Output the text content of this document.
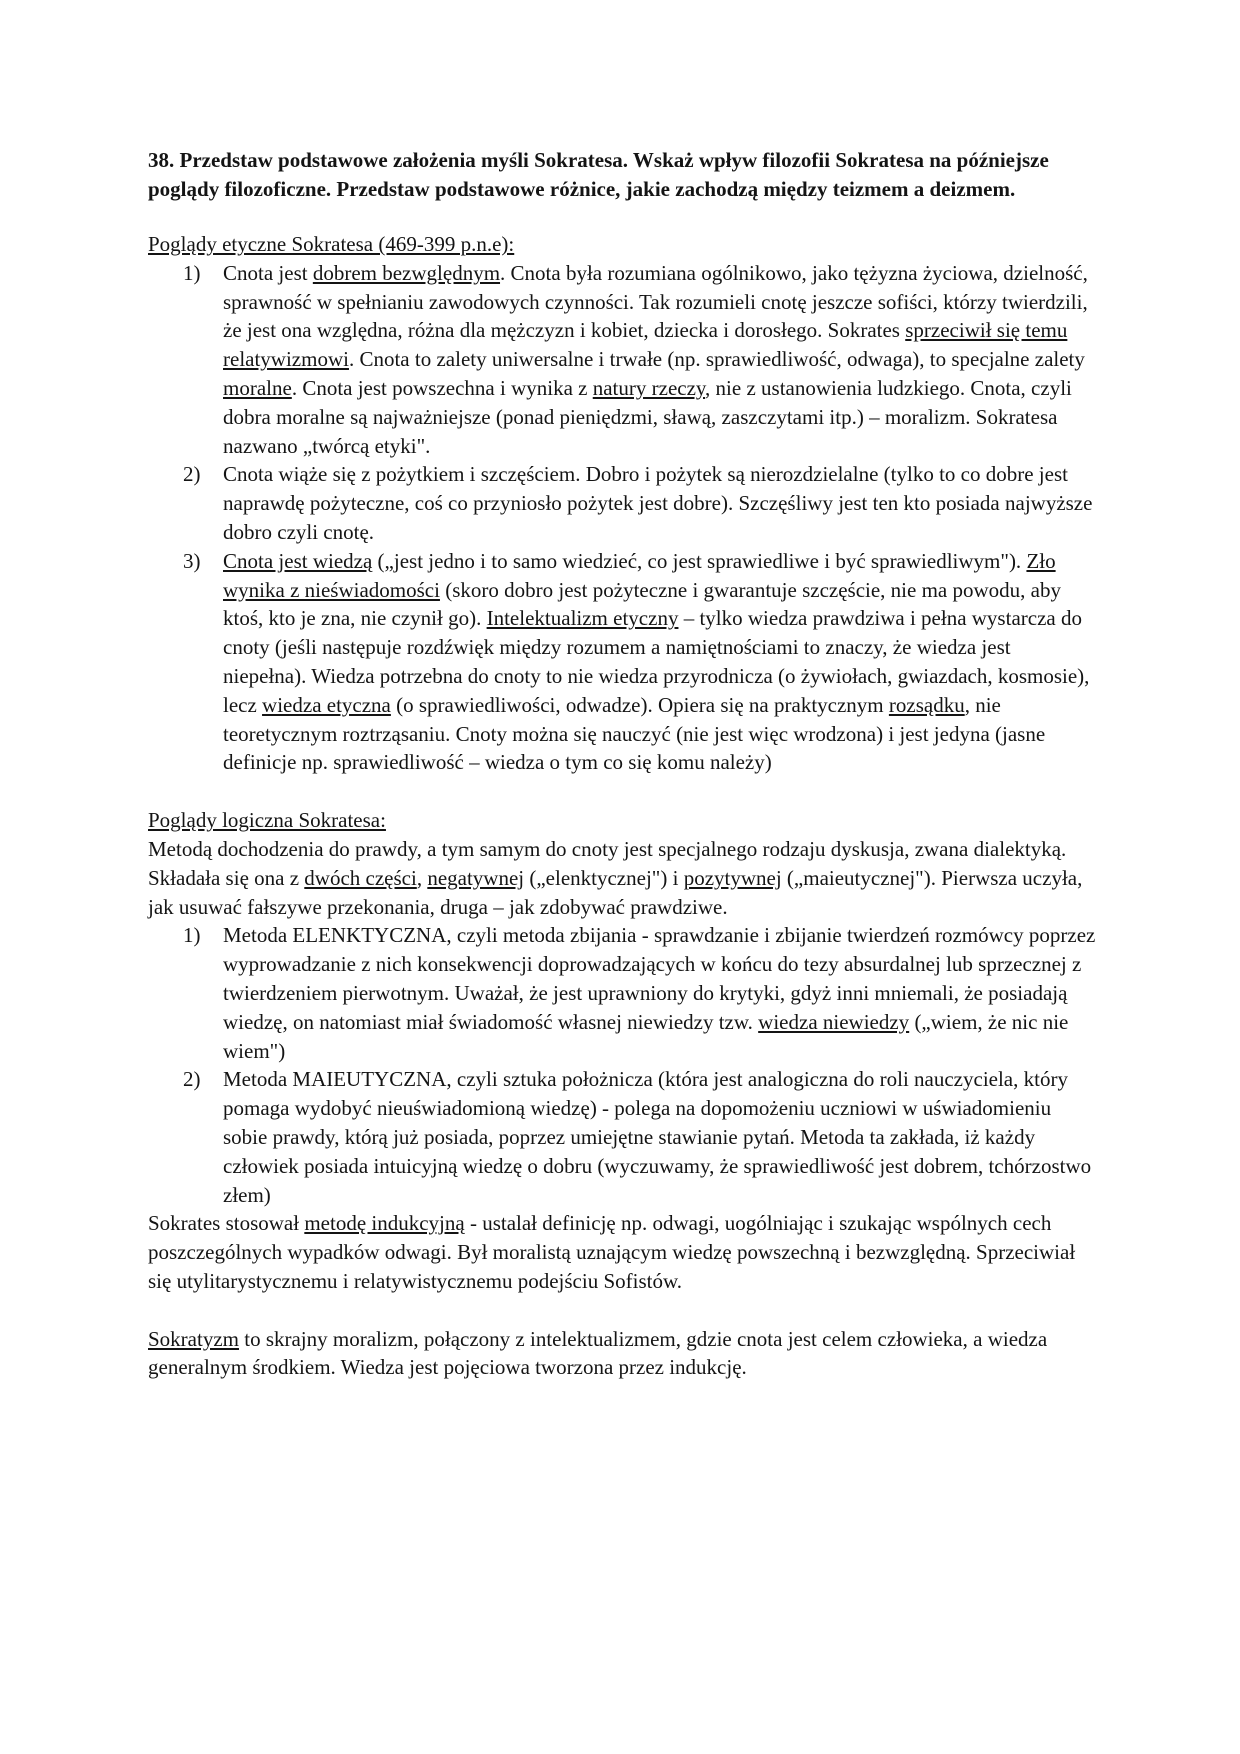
38. Przedstaw podstawowe założenia myśli Sokratesa. Wskaż wpływ filozofii Sokratesa na późniejsze poglądy filozoficzne. Przedstaw podstawowe różnice, jakie zachodzą między teizmem a deizmem.

Poglądy etyczne Sokratesa (469-399 p.n.e):

1) Cnota jest dobrem bezwględnym. Cnota była rozumiana ogólnikowo, jako tężyzna życiowa, dzielność, sprawność w spełnianiu zawodowych czynności. Tak rozumieli cnotę jeszcze sofiści, którzy twierdzili, że jest ona względna, różna dla mężczyzn i kobiet, dziecka i dorosłego. Sokrates sprzeciwił się temu relatywizmowi. Cnota to zalety uniwersalne i trwałe (np. sprawiedliwość, odwaga), to specjalne zalety moralne. Cnota jest powszechna i wynika z natury rzeczy, nie z ustanowienia ludzkiego. Cnota, czyli dobra moralne są najważniejsze (ponad pieniędzmi, sławą, zaszczytami itp.) – moralizm. Sokratesa nazwano „twórcą etyki".
2) Cnota wiąże się z pożytkiem i szczęściem. Dobro i pożytek są nierozdzielalne (tylko to co dobre jest naprawdę pożyteczne, coś co przyniosło pożytek jest dobre). Szczęśliwy jest ten kto posiada najwyższe dobro czyli cnotę.
3) Cnota jest wiedzą („jest jedno i to samo wiedzieć, co jest sprawiedliwe i być sprawiedliwym"). Zło wynika z nieświadomości (skoro dobro jest pożyteczne i gwarantuje szczęście, nie ma powodu, aby ktoś, kto je zna, nie czynił go). Intelektualizm etyczny – tylko wiedza prawdziwa i pełna wystarcza do cnoty (jeśli następuje rozdźwięk między rozumem a namiętnościami to znaczy, że wiedza jest niepełna). Wiedza potrzebna do cnoty to nie wiedza przyrodnicza (o żywiołach, gwiazdach, kosmosie), lecz wiedza etyczna (o sprawiedliwości, odwadze). Opiera się na praktycznym rozsądku, nie teoretycznym roztrząsaniu. Cnoty można się nauczyć (nie jest więc wrodzona) i jest jedyna (jasne definicje np. sprawiedliwość – wiedza o tym co się komu należy)

Poglądy logiczna Sokratesa:

Metodą dochodzenia do prawdy, a tym samym do cnoty jest specjalnego rodzaju dyskusja, zwana dialektyką. Składała się ona z dwóch części, negatywnej („elenktycznej") i pozytywnej („maieutycznej"). Pierwsza uczyła, jak usuwać fałszywe przekonania, druga – jak zdobywać prawdziwe.

1) Metoda ELENKTYCZNA, czyli metoda zbijania - sprawdzanie i zbijanie twierdzeń rozmówcy poprzez wyprowadzanie z nich konsekwencji doprowadzających w końcu do tezy absurdalnej lub sprzecznej z twierdzeniem pierwotnym. Uważał, że jest uprawniony do krytyki, gdyż inni mniemali, że posiadają wiedzę, on natomiast miał świadomość własnej niewiedzy tzw. wiedza niewiedzy („wiem, że nic nie wiem")
2) Metoda MAIEUTYCZNA, czyli sztuka położnicza (która jest analogiczna do roli nauczyciela, który pomaga wydobyć nieuświadomioną wiedzę) - polega na dopomożeniu uczniowi w uświadomieniu sobie prawdy, którą już posiada, poprzez umiejętne stawianie pytań. Metoda ta zakłada, iż każdy człowiek posiada intuicyjną wiedzę o dobru (wyczuwamy, że sprawiedliwość jest dobrem, tchórzostwo złem)

Sokrates stosował metodę indukcyjną - ustalał definicję np. odwagi, uogólniając i szukając wspólnych cech poszczególnych wypadków odwagi. Był moralistą uznającym wiedzę powszechną i bezwzględną. Sprzeciwiał się utylitarystycznemu i relatywistycznemu podejściu Sofistów.

Sokratyzm to skrajny moralizm, połączony z intelektualizmem, gdzie cnota jest celem człowieka, a wiedza generalnym środkiem. Wiedza jest pojęciowa tworzona przez indukcję.
